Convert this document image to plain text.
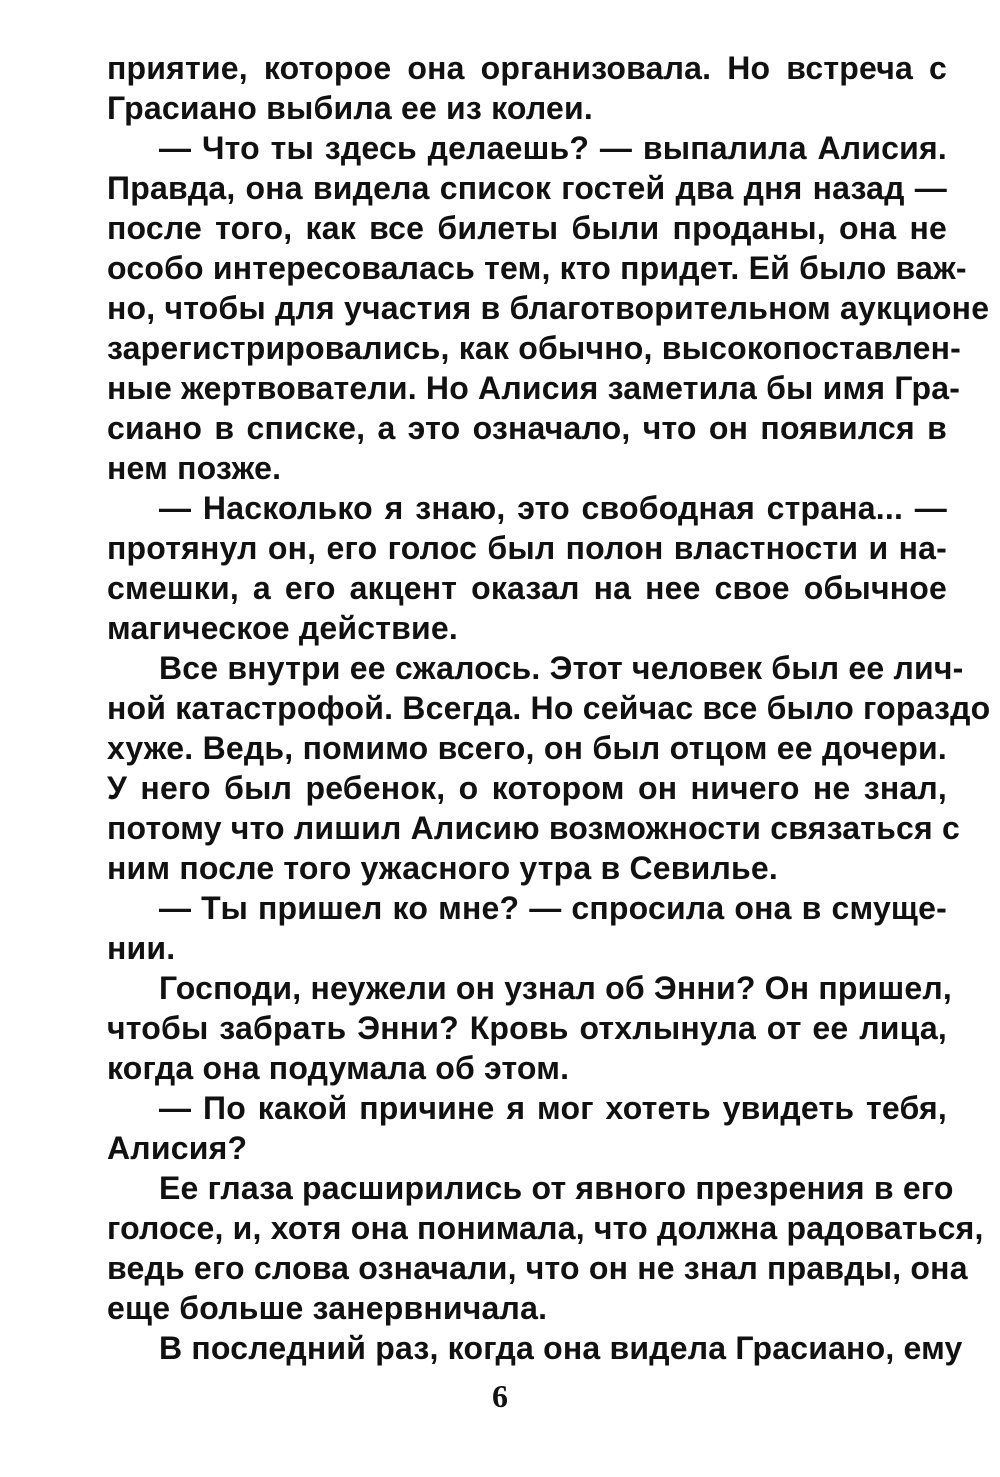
приятие, которое она организовала. Но встреча с
Грасиано выбила ее из колеи.
— Что ты здесь делаешь? — выпалила Алисия.
Правда, она видела список гостей два дня назад —
после того, как все билеты были проданы, она не
особо интересовалась тем, кто придет. Ей было важ-
но, чтобы для участия в благотворительном аукционе
зарегистрировались, как обычно, высокопоставлен-
ные жертвователи. Но Алисия заметила бы имя Гра-
сиано в списке, а это означало, что он появился в
нем позже.
— Насколько я знаю, это свободная страна... —
протянул он, его голос был полон властности и на-
смешки, а его акцент оказал на нее свое обычное
магическое действие.
Все внутри ее сжалось. Этот человек был ее лич-
ной катастрофой. Всегда. Но сейчас все было гораздо
хуже. Ведь, помимо всего, он был отцом ее дочери.
У него был ребенок, о котором он ничего не знал,
потому что лишил Алисию возможности связаться с
ним после того ужасного утра в Севилье.
— Ты пришел ко мне? — спросила она в смуще-
нии.
Господи, неужели он узнал об Энни? Он пришел,
чтобы забрать Энни? Кровь отхлынула от ее лица,
когда она подумала об этом.
— По какой причине я мог хотеть увидеть тебя,
Алисия?
Ее глаза расширились от явного презрения в его
голосе, и, хотя она понимала, что должна радоваться,
ведь его слова означали, что он не знал правды, она
еще больше занервничала.
В последний раз, когда она видела Грасиано, ему
6
